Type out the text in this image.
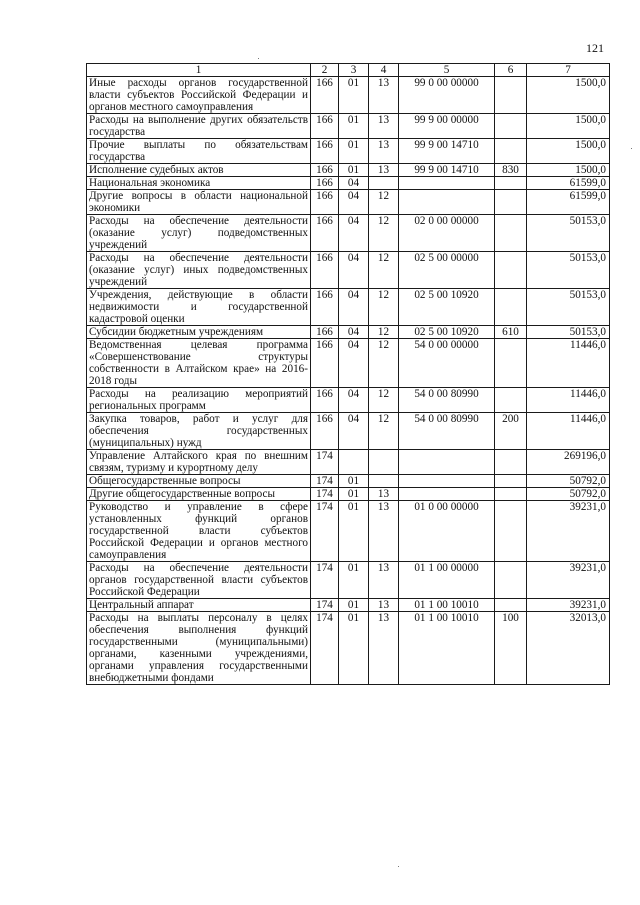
121
1	2	3	4	5	6	7
Иные расходы органов государственной власти субъектов Российской Федерации и органов местного самоуправления	166	01	13	99 0 00 00000		1500,0
Расходы на выполнение других обязательств государства	166	01	13	99 9 00 00000		1500,0
Прочие выплаты по обязательствам государства	166	01	13	99 9 00 14710		1500,0
Исполнение судебных актов	166	01	13	99 9 00 14710	830	1500,0
Национальная экономика	166	04				61599,0
Другие вопросы в области национальной экономики	166	04	12			61599,0
Расходы на обеспечение деятельности (оказание услуг) подведомственных учреждений	166	04	12	02 0 00 00000		50153,0
Расходы на обеспечение деятельности (оказание услуг) иных подведомственных учреждений	166	04	12	02 5 00 00000		50153,0
Учреждения, действующие в области недвижимости и государственной кадастровой оценки	166	04	12	02 5 00 10920		50153,0
Субсидии бюджетным учреждениям	166	04	12	02 5 00 10920	610	50153,0
Ведомственная целевая программа «Совершенствование структуры собственности в Алтайском крае» на 2016-2018 годы	166	04	12	54 0 00 00000		11446,0
Расходы на реализацию мероприятий региональных программ	166	04	12	54 0 00 80990		11446,0
Закупка товаров, работ и услуг для обеспечения государственных (муниципальных) нужд	166	04	12	54 0 00 80990	200	11446,0
Управление Алтайского края по внешним связям, туризму и курортному делу	174					269196,0
Общегосударственные вопросы	174	01				50792,0
Другие общегосударственные вопросы	174	01	13			50792,0
Руководство и управление в сфере установленных функций органов государственной власти субъектов Российской Федерации и органов местного самоуправления	174	01	13	01 0 00 00000		39231,0
Расходы на обеспечение деятельности органов государственной власти субъектов Российской Федерации	174	01	13	01 1 00 00000		39231,0
Центральный аппарат	174	01	13	01 1 00 10010		39231,0
Расходы на выплаты персоналу в целях обеспечения выполнения функций государственными (муниципальными) органами, казенными учреждениями, органами управления государственными внебюджетными фондами	174	01	13	01 1 00 10010	100	32013,0
